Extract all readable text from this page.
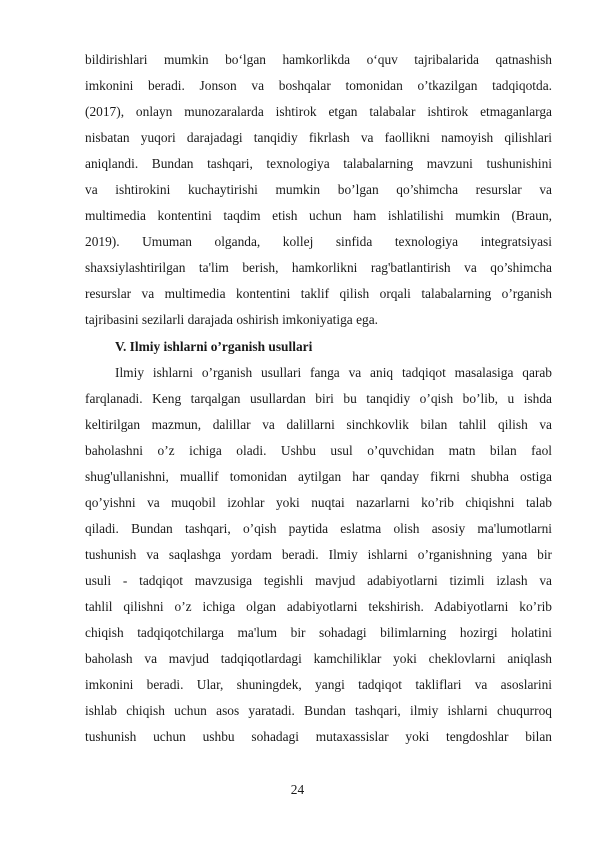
bildirishlari mumkin bo‘lgan hamkorlikda o‘quv tajribalarida qatnashish
imkonini beradi. Jonson va boshqalar tomonidan o’tkazilgan tadqiqotda.
(2017), onlayn munozaralarda ishtirok etgan talabalar ishtirok etmaganlarga
nisbatan yuqori darajadagi tanqidiy fikrlash va faollikni namoyish qilishlari
aniqlandi. Bundan tashqari, texnologiya talabalarning mavzuni tushunishini
va ishtirokini kuchaytirishi mumkin bo’lgan qo’shimcha resurslar va
multimedia kontentini taqdim etish uchun ham ishlatilishi mumkin (Braun,
2019). Umuman olganda, kollej sinfida texnologiya integratsiyasi
shaxsiylashtirilgan ta'lim berish, hamkorlikni rag'batlantirish va qo’shimcha
resurslar va multimedia kontentini taklif qilish orqali talabalarning o’rganish
tajribasini sezilarli darajada oshirish imkoniyatiga ega.
V. Ilmiy ishlarni o’rganish usullari
Ilmiy ishlarni o’rganish usullari fanga va aniq tadqiqot masalasiga qarab
farqlanadi. Keng tarqalgan usullardan biri bu tanqidiy o’qish bo’lib, u ishda
keltirilgan mazmun, dalillar va dalillarni sinchkovlik bilan tahlil qilish va
baholashni o’z ichiga oladi. Ushbu usul o’quvchidan matn bilan faol
shug'ullanishni, muallif tomonidan aytilgan har qanday fikrni shubha ostiga
qo’yishni va muqobil izohlar yoki nuqtai nazarlarni ko’rib chiqishni talab
qiladi. Bundan tashqari, o’qish paytida eslatma olish asosiy ma'lumotlarni
tushunish va saqlashga yordam beradi. Ilmiy ishlarni o’rganishning yana bir
usuli - tadqiqot mavzusiga tegishli mavjud adabiyotlarni tizimli izlash va
tahlil qilishni o’z ichiga olgan adabiyotlarni tekshirish. Adabiyotlarni ko’rib
chiqish tadqiqotchilarga ma'lum bir sohadagi bilimlarning hozirgi holatini
baholash va mavjud tadqiqotlardagi kamchiliklar yoki cheklovlarni aniqlash
imkonini beradi. Ular, shuningdek, yangi tadqiqot takliflari va asoslarini
ishlab chiqish uchun asos yaratadi. Bundan tashqari, ilmiy ishlarni chuqurroq
tushunish uchun ushbu sohadagi mutaxassislar yoki tengdoshlar bilan
24
